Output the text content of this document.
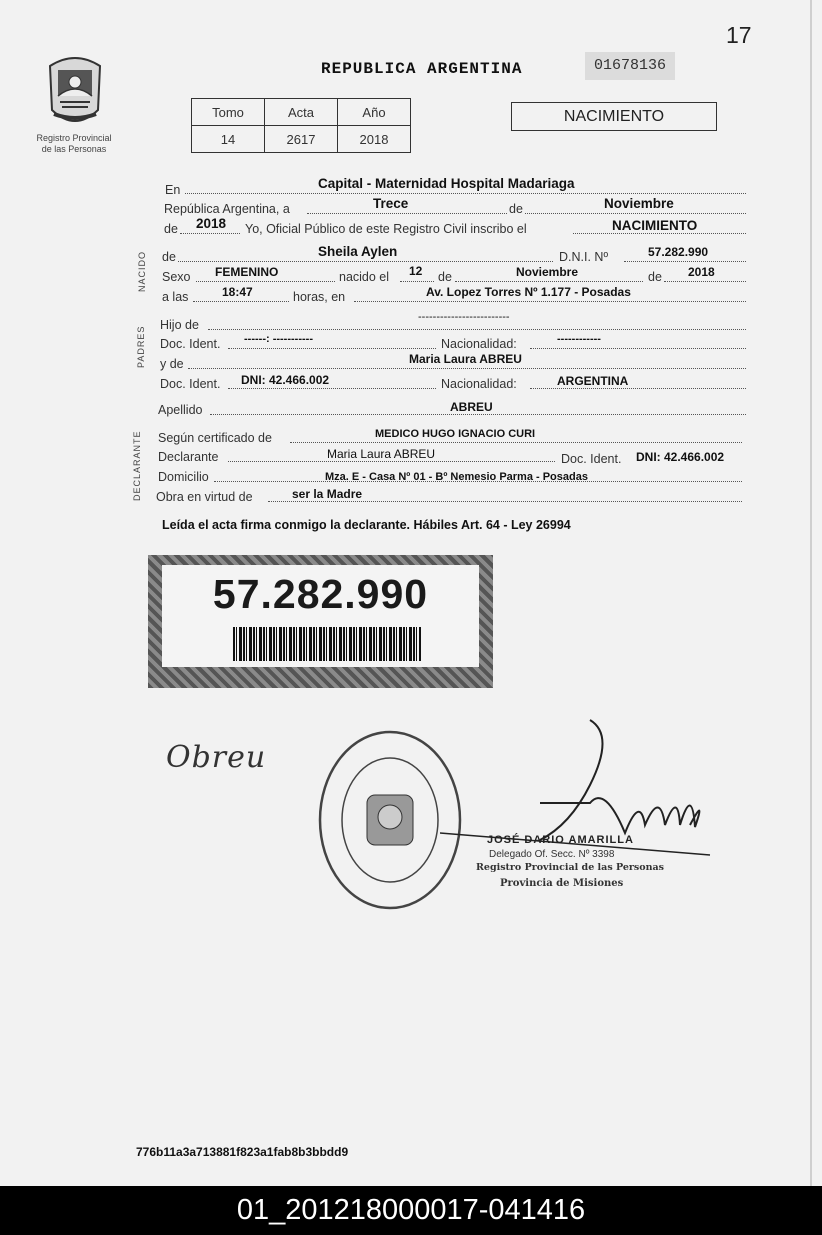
17
Registro Provincial
de las Personas
REPUBLICA ARGENTINA	01678136
Tomo	Acta	Año
14	2617	2018
NACIMIENTO
En	Capital - Maternidad Hospital Madariaga
República Argentina, a	Trece	de	Noviembre
de 2018 Yo, Oficial Público de este Registro Civil inscribo el	NACIMIENTO
NACIDO de	Sheila Aylen	D.N.I. Nº	57.282.990
Sexo FEMENINO	nacido el 12 de	Noviembre	de 2018
a las	18:47	horas, en	Av. Lopez Torres Nº 1.177 - Posadas
PADRES
Hijo de
-------------------------
Doc. Ident. ------: -----------	Nacionalidad:	------------
y de	Maria Laura ABREU
Doc. Ident. DNI: 42.466.002	Nacionalidad:	ARGENTINA
Apellido	ABREU
DECLARANTE Según certificado de	MEDICO HUGO IGNACIO CURI
Declarante	Maria Laura ABREU	Doc. Ident. DNI: 42.466.002
Domicilio	Mza. E - Casa Nº 01 - Bº Nemesio Parma - Posadas
Obra en virtud de	ser la Madre
Leída el acta firma conmigo la declarante. Hábiles Art. 64 - Ley 26994
57.282.990
Obreu
JOSÉ DARIO AMARILLA
Delegado Of. Secc. Nº 3398
Registro Provincial de las Personas
Provincia de Misiones
776b11a3a713881f823a1fab8b3bbdd9
01_201218000017-041416
